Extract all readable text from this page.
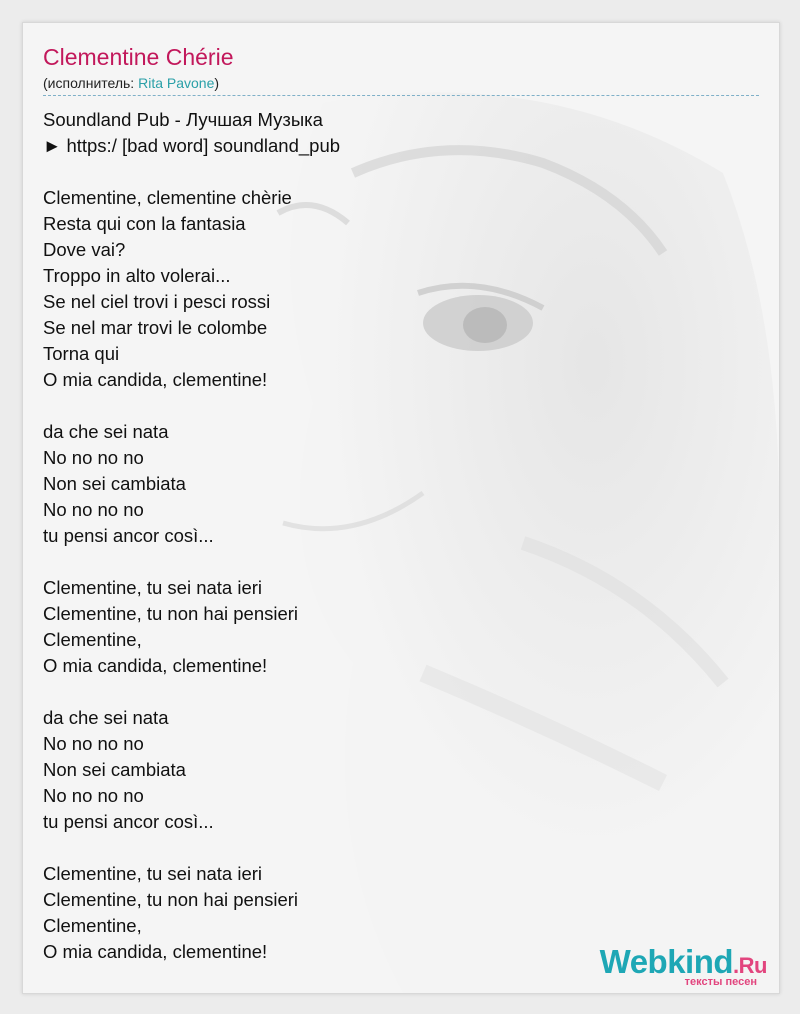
Clementine Chérie
(исполнитель: Rita Pavone)
Soundland Pub - Лучшая Музыка
► https:/ [bad word] soundland_pub
Clementine, clementine chèrie
Resta qui con la fantasia
Dove vai?
Troppo in alto volerai...
Se nel ciel trovi i pesci rossi
Se nel mar trovi le colombe
Torna qui
O mia candida, clementine!
da che sei nata
No no no no
Non sei cambiata
No no no no
tu pensi ancor così...
Clementine, tu sei nata ieri
Clementine, tu non hai pensieri
Clementine,
O mia candida, clementine!
da che sei nata
No no no no
Non sei cambiata
No no no no
tu pensi ancor così...
Clementine, tu sei nata ieri
Clementine, tu non hai pensieri
Clementine,
O mia candida, clementine!	Webkind.Ru
тексты песен
